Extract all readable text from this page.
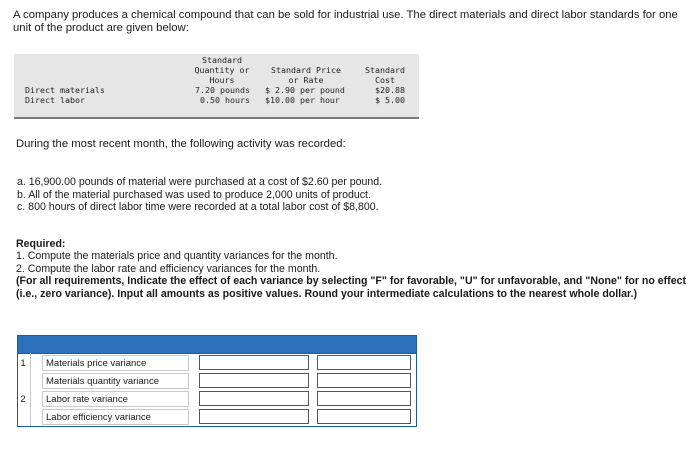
A company produces a chemical compound that can be sold for industrial use. The direct materials and direct labor standards for one unit of the product are given below:
Standard
Quantity or
Hours
Standard Price
or Rate
Standard
Cost
Direct materials	7.20 pounds $ 2.90 per pound	$20.88
Direct labor	0.50 hours $10.00 per hour	$ 5.00
During the most recent month, the following activity was recorded:
a. 16,900.00 pounds of material were purchased at a cost of $2.60 per pound.
b. All of the material purchased was used to produce 2,000 units of product.
c. 800 hours of direct labor time were recorded at a total labor cost of $8,800.
Required:
1. Compute the materials price and quantity variances for the month.
2. Compute the labor rate and efficiency variances for the month.
(For all requirements, Indicate the effect of each variance by selecting "F" for favorable, "U" for unfavorable, and "None" for no effect (i.e., zero variance). Input all amounts as positive values. Round your intermediate calculations to the nearest whole dollar.)
1	Materials price variance
Materials quantity variance
2	Labor rate variance
Labor efficiency variance
